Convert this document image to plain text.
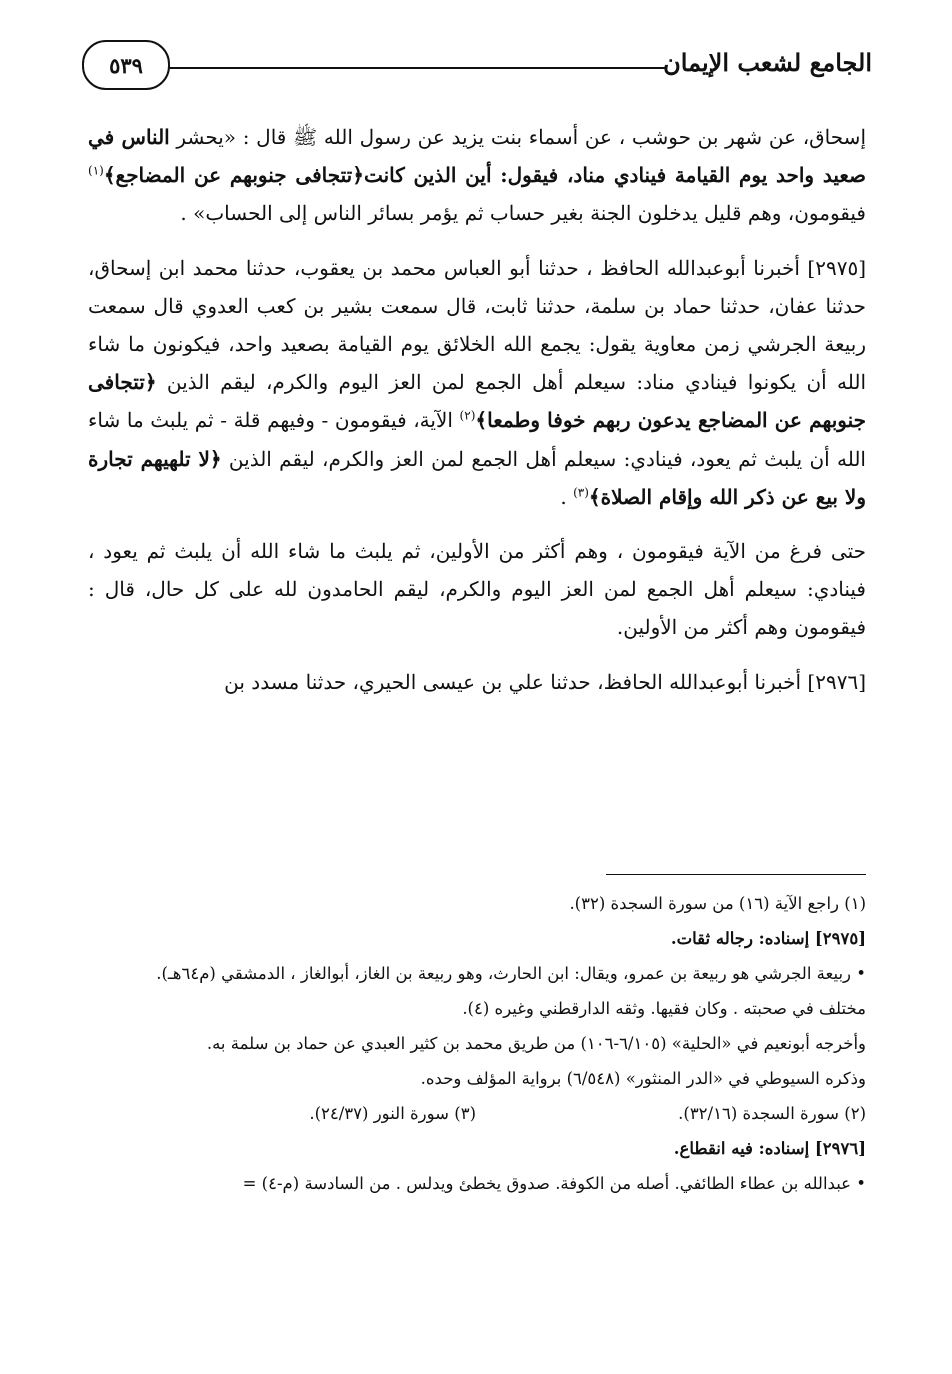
الجامع لشعب الإيمان
٥٣٩

إسحاق، عن شهر بن حوشب ، عن أسماء بنت يزيد عن رسول الله ﷺ قال : «يحشر الناس في صعيد واحد يوم القيامة فينادي مناد، فيقول: أين الذين كانت﴿تتجافى جنوبهم عن المضاجع﴾$^{(١)}$ فيقومون، وهم قليل يدخلون الجنة بغير حساب ثم يؤمر بسائر الناس إلى الحساب» .

[٢٩٧٥] أخبرنا أبوعبدالله الحافظ ، حدثنا أبو العباس محمد بن يعقوب، حدثنا محمد ابن إسحاق، حدثنا عفان، حدثنا حماد بن سلمة، حدثنا ثابت، قال سمعت بشير بن كعب العدوي قال سمعت ربيعة الجرشي زمن معاوية يقول: يجمع الله الخلائق يوم القيامة بصعيد واحد، فيكونون ما شاء الله أن يكونوا فينادي مناد: سيعلم أهل الجمع لمن العز اليوم والكرم، ليقم الذين ﴿تتجافى جنوبهم عن المضاجع يدعون ربهم خوفا وطمعا﴾$^{(٢)}$ الآية، فيقومون - وفيهم قلة - ثم يلبث ما شاء الله أن يلبث ثم يعود، فينادي: سيعلم أهل الجمع لمن العز والكرم، ليقم الذين ﴿لا تلهيهم تجارة ولا بيع عن ذكر الله وإقام الصلاة﴾$^{(٣)}$ .

حتى فرغ من الآية فيقومون ، وهم أكثر من الأولين، ثم يلبث ما شاء الله أن يلبث ثم يعود ، فينادي: سيعلم أهل الجمع لمن العز اليوم والكرم، ليقم الحامدون لله على كل حال، قال : فيقومون وهم أكثر من الأولين.

[٢٩٧٦] أخبرنا أبوعبدالله الحافظ، حدثنا علي بن عيسى الحيري، حدثنا مسدد بن

(١) راجع الآية (١٦) من سورة السجدة (٣٢).

[٢٩٧٥] إسناده: رجاله ثقات.

• ربيعة الجرشي هو ربيعة بن عمرو، ويقال: ابن الحارث، وهو ربيعة بن الغاز، أبوالغاز ، الدمشقي (م٦٤هـ).

مختلف في صحبته . وكان فقيها. وثقه الدارقطني وغيره (٤).

وأخرجه أبونعيم في «الحلية» (٦/١٠٥-١٠٦) من طريق محمد بن كثير العبدي عن حماد بن سلمة به.

وذكره السيوطي في «الدر المنثور» (٦/٥٤٨) برواية المؤلف وحده.

(٢) سورة السجدة (٣٢/١٦).
(٣) سورة النور (٢٤/٣٧).

[٢٩٧٦] إسناده: فيه انقطاع.

• عبدالله بن عطاء الطائفي. أصله من الكوفة. صدوق يخطئ ويدلس . من السادسة (م-٤) =
